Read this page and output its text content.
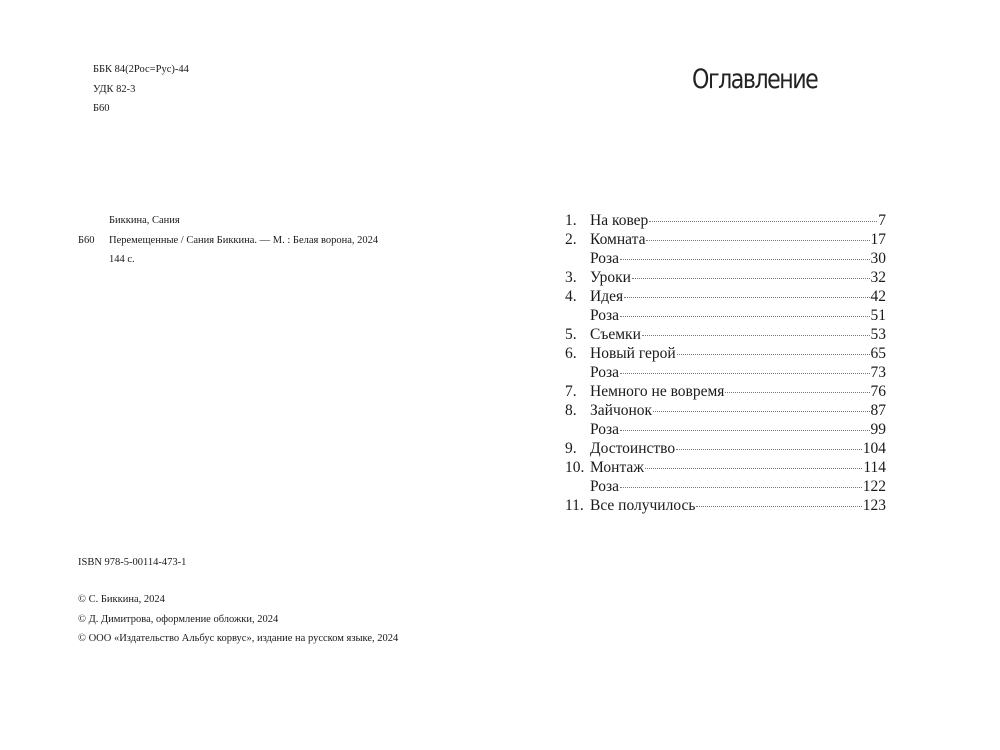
ББК 84(2Рос=Рус)-44
УДК 82-3
Б60
Биккина, Сания
Б60 Перемещенные / Сания Биккина. — М. : Белая ворона, 2024
144 с.
ISBN 978-5-00114-473-1
© С. Биккина, 2024
© Д. Димитрова, оформление обложки, 2024
© ООО «Издательство Альбус корвус», издание на русском языке, 2024
Оглавление
1. На ковер	7
2. Комната	17
Роза	30
3. Уроки	32
4. Идея	42
Роза	51
5. Съемки	53
6. Новый герой	65
Роза	73
7. Немного не вовремя	76
8. Зайчонок	87
Роза	99
9. Достоинство	104
10. Монтаж	114
Роза	122
11. Все получилось	123
